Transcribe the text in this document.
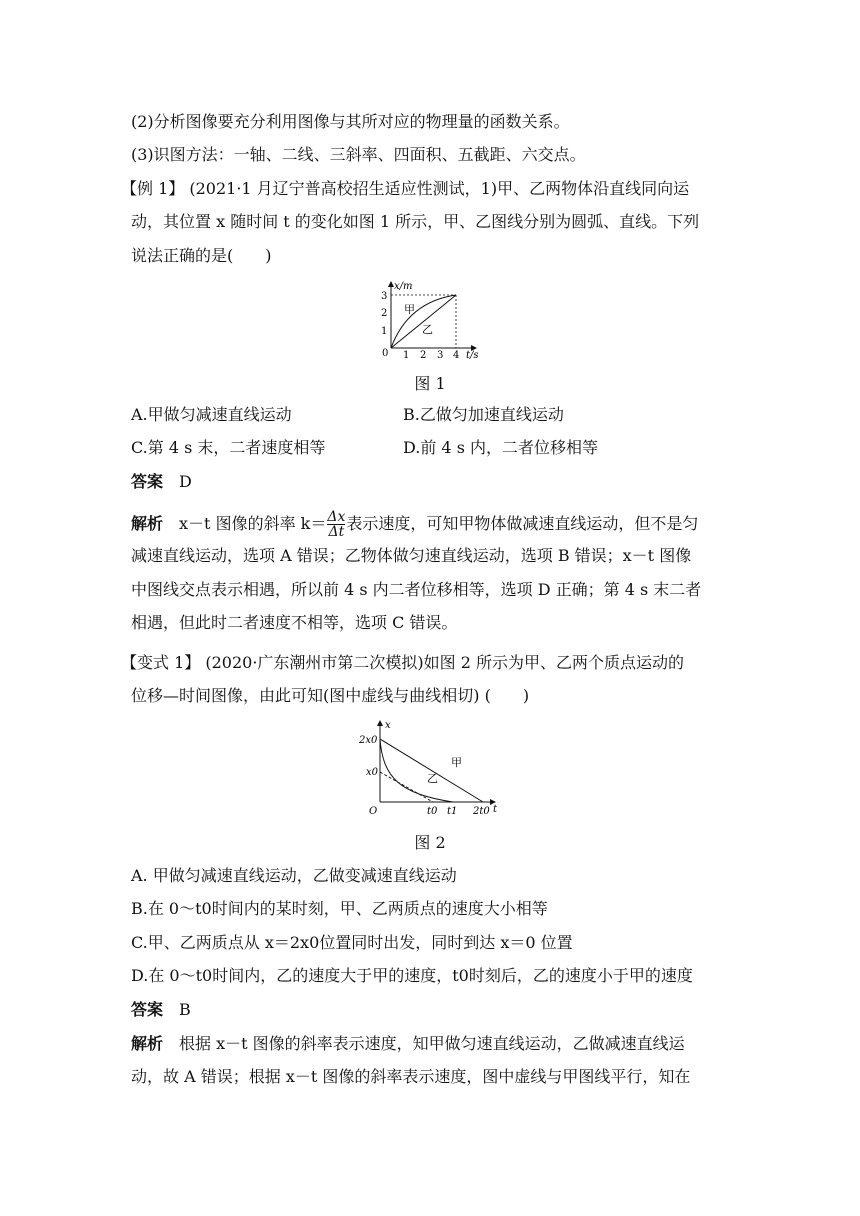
(2)分析图像要充分利用图像与其所对应的物理量的函数关系。
(3)识图方法：一轴、二线、三斜率、四面积、五截距、六交点。
【例 1】 (2021·1 月辽宁普高校招生适应性测试，1)甲、乙两物体沿直线同向运
动，其位置 x 随时间 t 的变化如图 1 所示，甲、乙图线分别为圆弧、直线。下列
说法正确的是(　　)
x/m
3
2
1
0 1 2 3 4 t/s
甲
乙
图 1
A.甲做匀减速直线运动	B.乙做匀加速直线运动
C.第 4 s 末，二者速度相等	D.前 4 s 内，二者位移相等
答案　 D
解析　 x－t 图像的斜率 $k= \frac{\Delta x}{\Delta t}$ 表示速度，可知甲物体做减速直线运动，但不是匀
减速直线运动，选项 A 错误；乙物体做匀速直线运动，选项 B 错误；x－t 图像
中图线交点表示相遇，所以前 4 s 内二者位移相等，选项 D 正确；第 4 s 末二者
相遇，但此时二者速度不相等，选项 C 错误。
【变式 1】 (2020·广东潮州市第二次模拟)如图 2 所示为甲、乙两个质点运动的
位移—时间图像，由此可知(图中虚线与曲线相切) (　　)
x
2x0
x0
O	t0 t1 2t0 t
甲
乙
图 2
A. 甲做匀减速直线运动，乙做变减速直线运动
B.在 0～t0时间内的某时刻，甲、乙两质点的速度大小相等
C.甲、乙两质点从 x＝2x0位置同时出发，同时到达 x＝0 位置
D.在 0～t0时间内，乙的速度大于甲的速度，t0时刻后，乙的速度小于甲的速度
答案　 B
解析　 根据 x－t 图像的斜率表示速度，知甲做匀速直线运动，乙做减速直线运
动，故 A 错误；根据 x－t 图像的斜率表示速度，图中虚线与甲图线平行，知在
